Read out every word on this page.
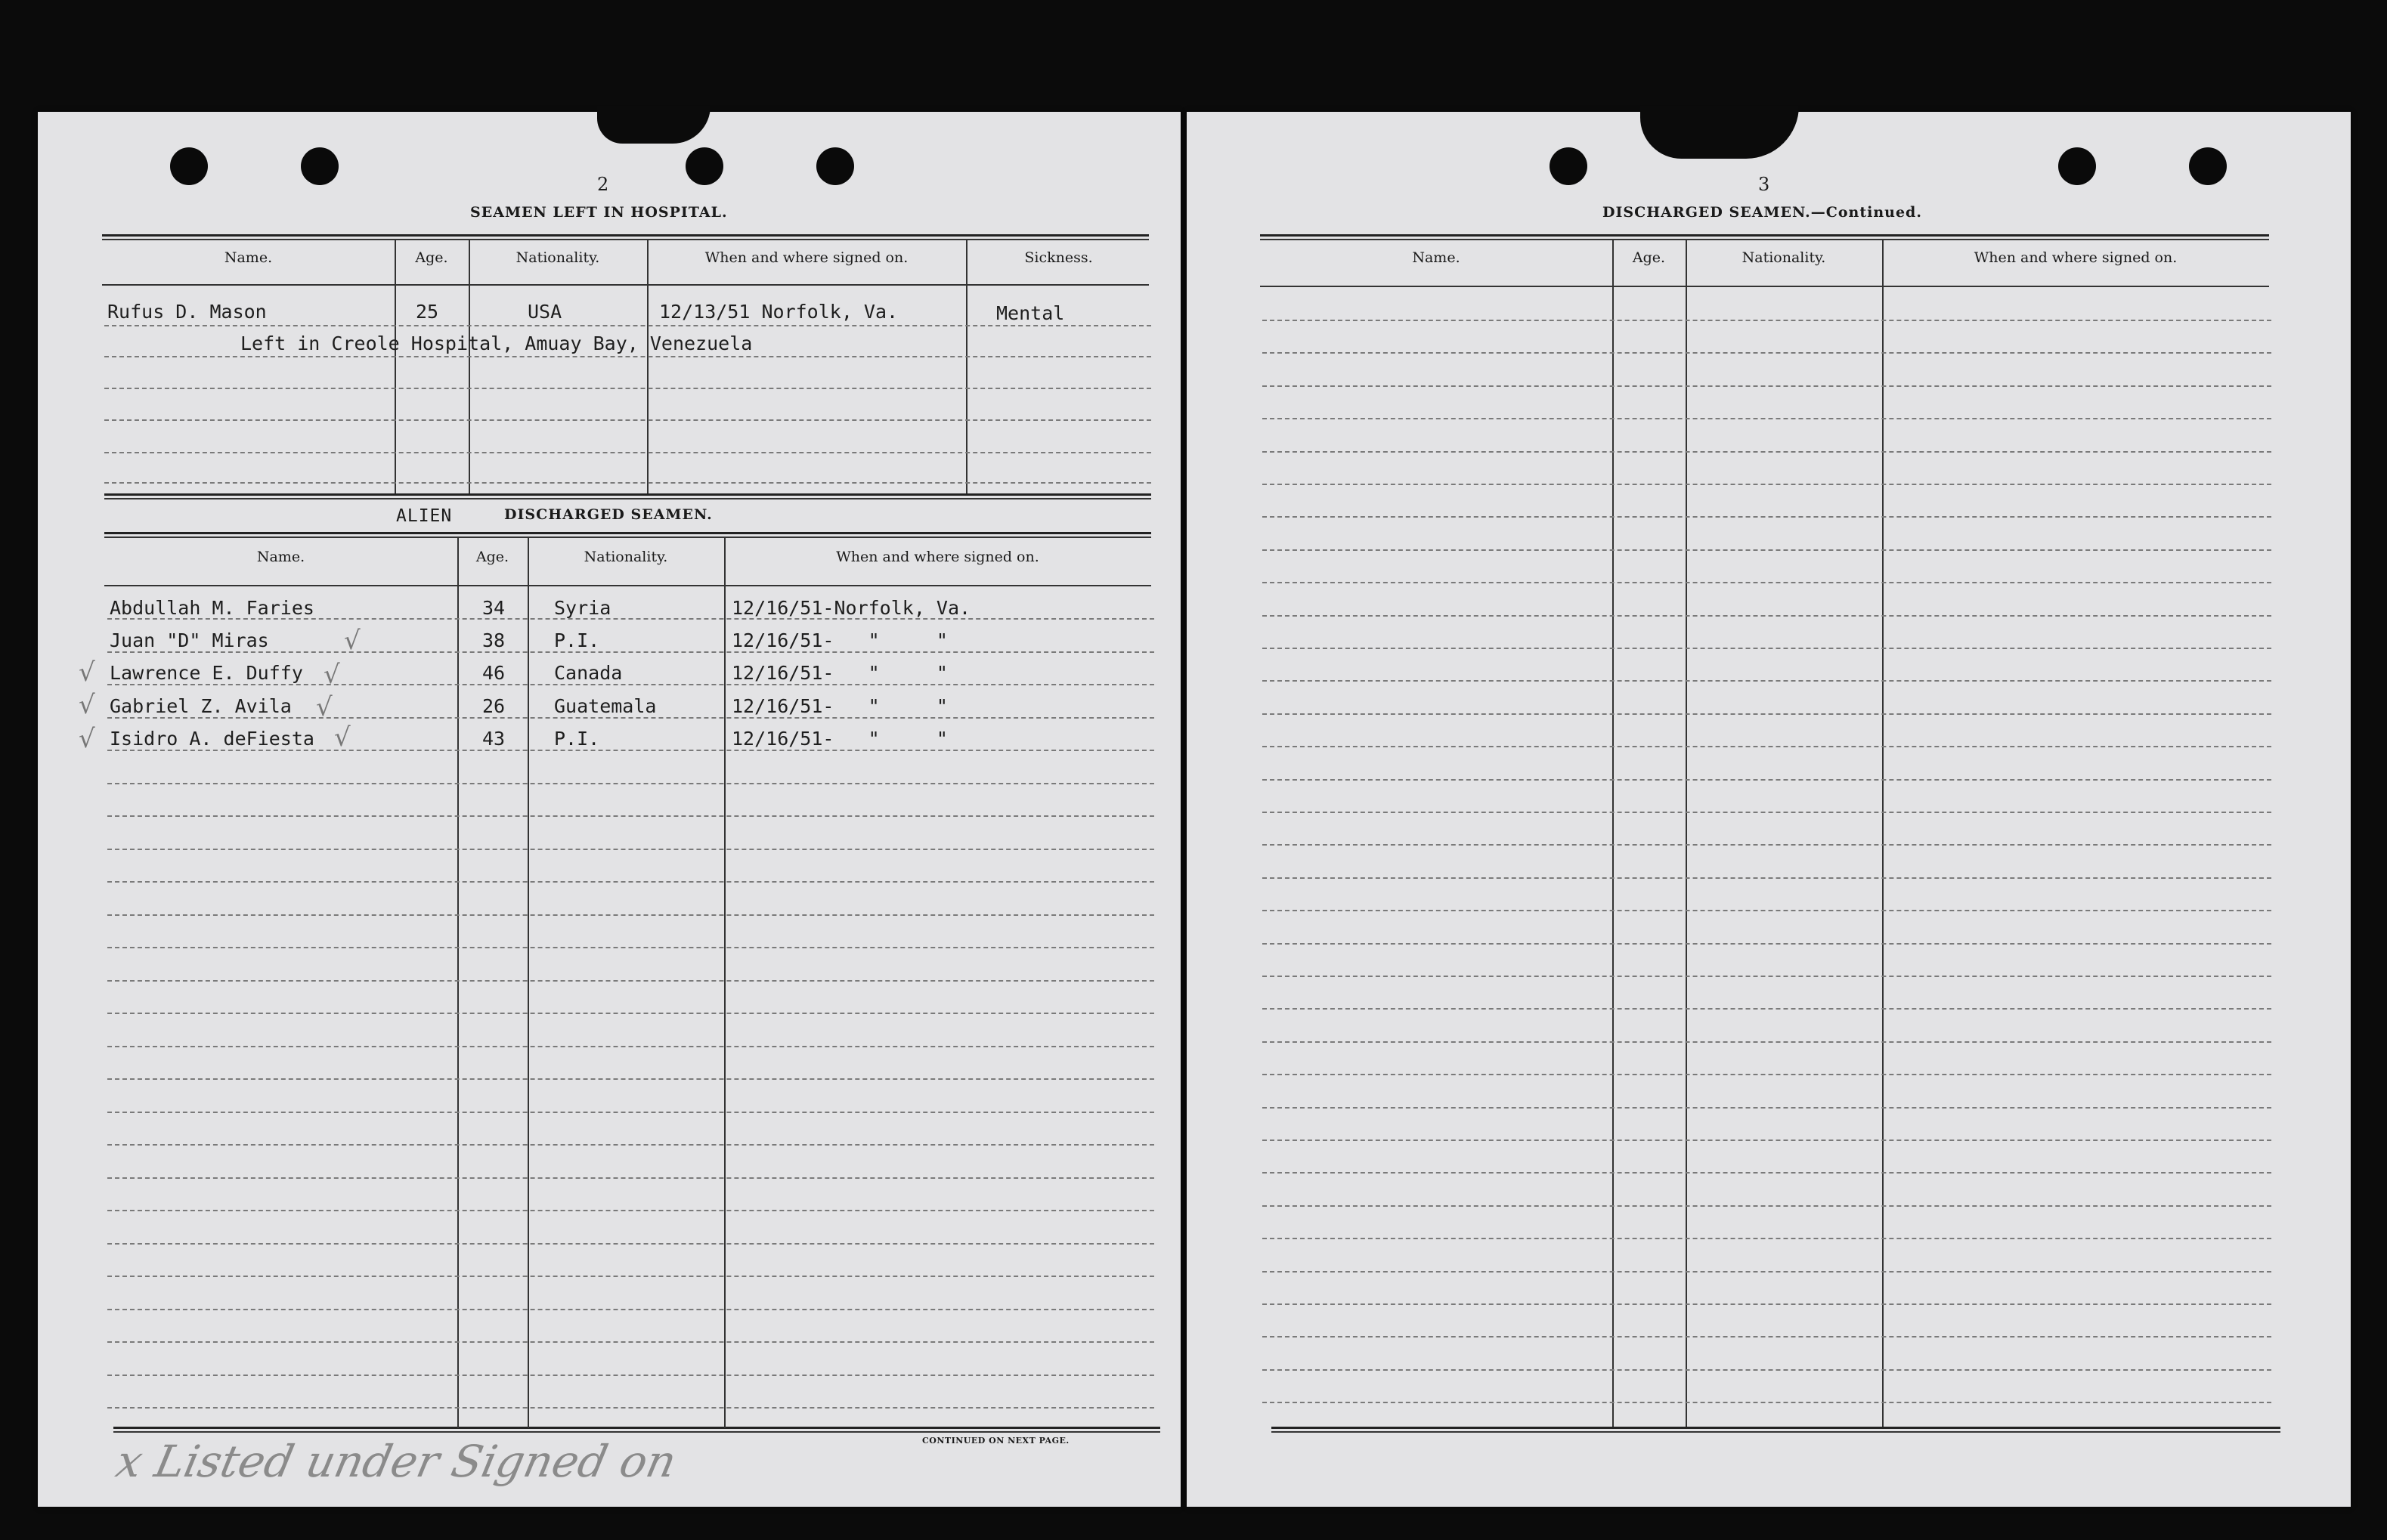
2
SEAMEN LEFT IN HOSPITAL.
Name.	Age.	Nationality.	When and where signed on.	Sickness.
Rufus D. Mason	25	USA	12/13/51 Norfolk, Va.	Mental
Left in Creole Hospital, Amuay Bay, Venezuela
ALIEN	DISCHARGED SEAMEN.
Name.	Age.	Nationality.	When and where signed on.
Abdullah M. Faries	34	Syria	12/16/51-Norfolk, Va.
Juan "D" Miras	38	P.I.	12/16/51-   "     "
Lawrence E. Duffy	46	Canada	12/16/51-   "     "
Gabriel Z. Avila	26	Guatemala	12/16/51-   "     "
Isidro A. deFiesta	43	P.I.	12/16/51-   "     "
√
√
√
√
√
√
√
CONTINUED ON NEXT PAGE.
x Listed under Signed on
3
DISCHARGED SEAMEN.—Continued.
Name.	Age.	Nationality.	When and where signed on.
